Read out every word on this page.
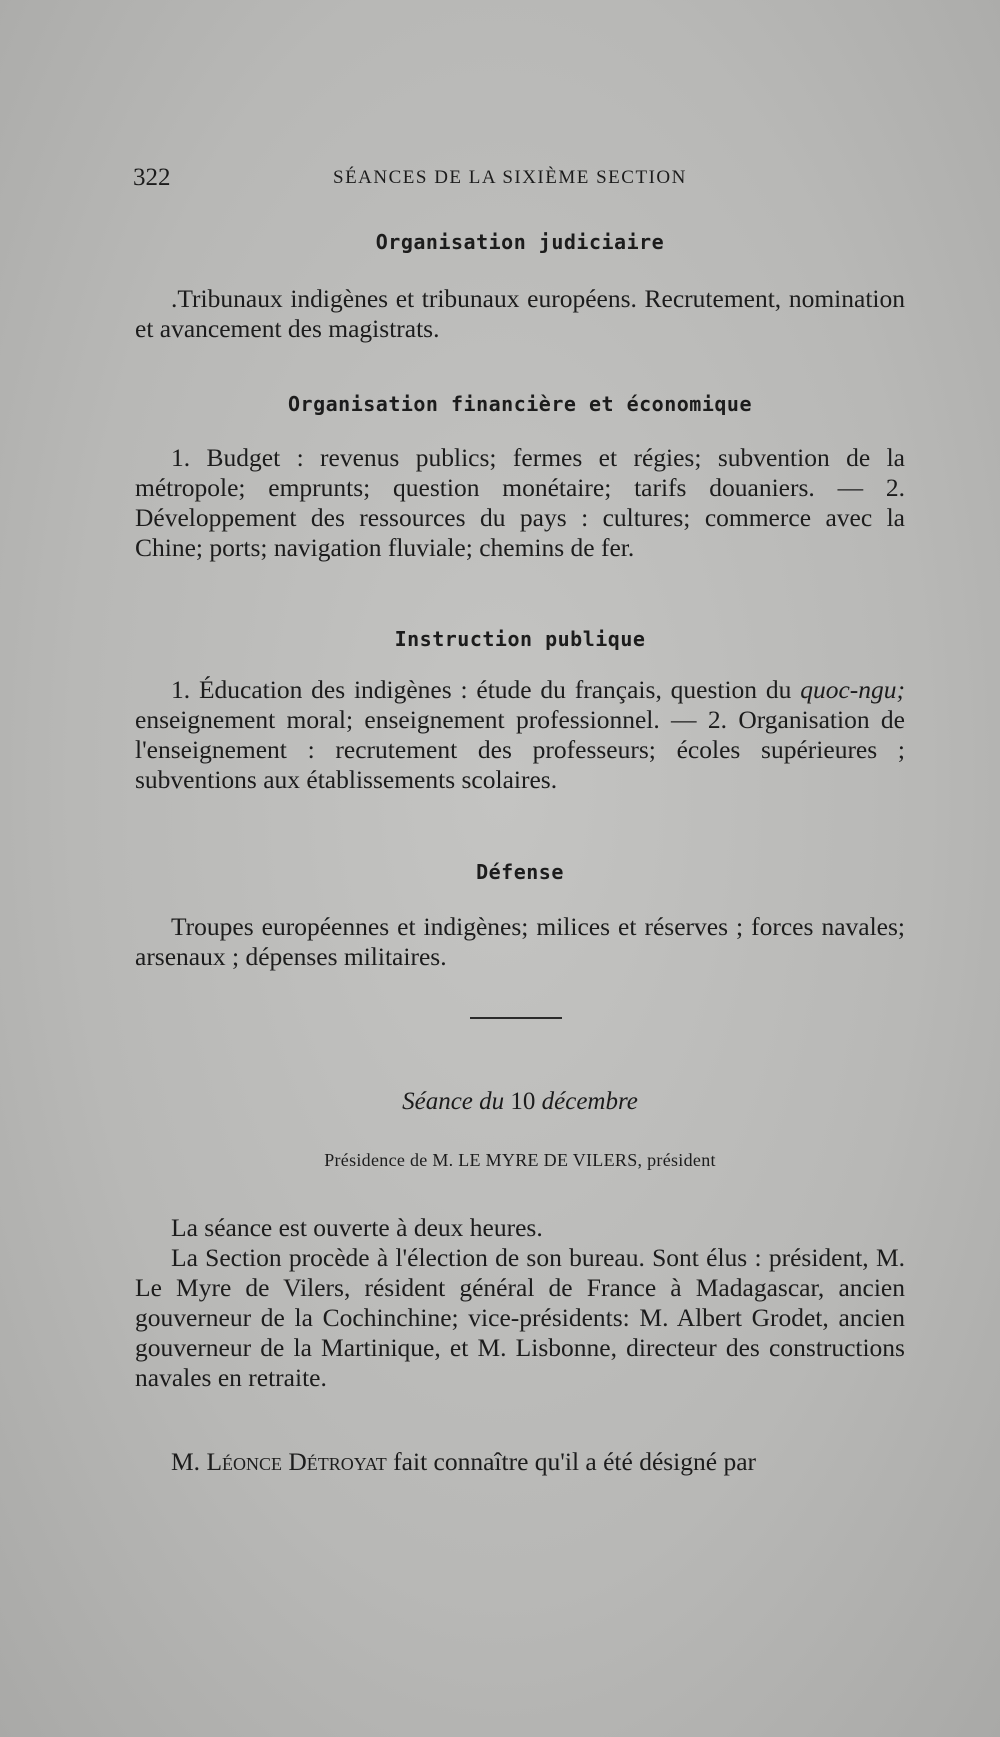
322	SÉANCES DE LA SIXIÈME SECTION
Organisation judiciaire
.Tribunaux indigènes et tribunaux européens. Recrutement, nomination et avancement des magistrats.
Organisation financière et économique
1. Budget : revenus publics; fermes et régies; subvention de la métropole; emprunts; question monétaire; tarifs douaniers. — 2. Développement des ressources du pays : cultures; commerce avec la Chine; ports; navigation fluviale; chemins de fer.
Instruction publique
1. Éducation des indigènes : étude du français, question du quoc-ngu; enseignement moral; enseignement professionnel. — 2. Organisation de l'enseignement : recrutement des professeurs; écoles supérieures ; subventions aux établissements scolaires.
Défense
Troupes européennes et indigènes; milices et réserves ; forces navales; arsenaux ; dépenses militaires.
Séance du 10 décembre
Présidence de M. LE MYRE DE VILERS, président
La séance est ouverte à deux heures.
La Section procède à l'élection de son bureau. Sont élus : président, M. Le Myre de Vilers, résident général de France à Madagascar, ancien gouverneur de la Cochinchine; vice-présidents: M. Albert Grodet, ancien gouverneur de la Martinique, et M. Lisbonne, directeur des constructions navales en retraite.
M. Léonce Détroyat fait connaître qu'il a été désigné par
